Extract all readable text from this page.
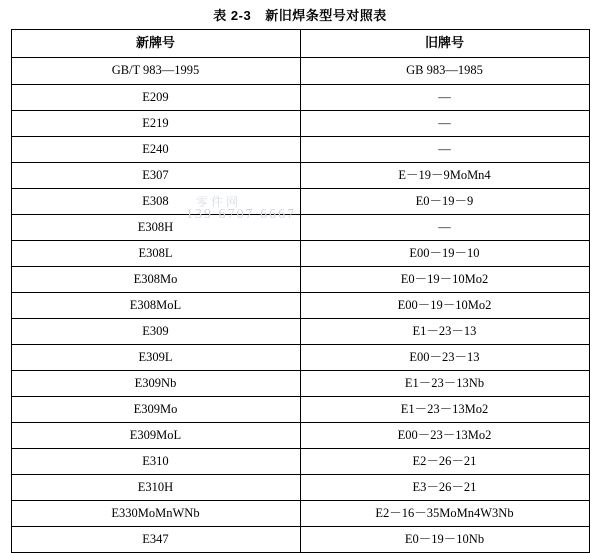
表 2-3 新旧焊条型号对照表
新牌号	旧牌号
GB/T 983—1995	GB 983—1985
E209	—
E219	—
E240	—
E307	E－19－9MoMn4
E308	E0－19－9
E308H	—
E308L	E00－19－10
E308Mo	E0－19－10Mo2
E308MoL	E00－19－10Mo2
E309	E1－23－13
E309L	E00－23－13
E309Nb	E1－23－13Nb
E309Mo	E1－23－13Mo2
E309MoL	E00－23－13Mo2
E310	E2－26－21
E310H	E3－26－21
E330MoMnWNb	E2－16－35MoMn4W3Nb
E347	E0－19－10Nb
零件网
139 6707 6667
